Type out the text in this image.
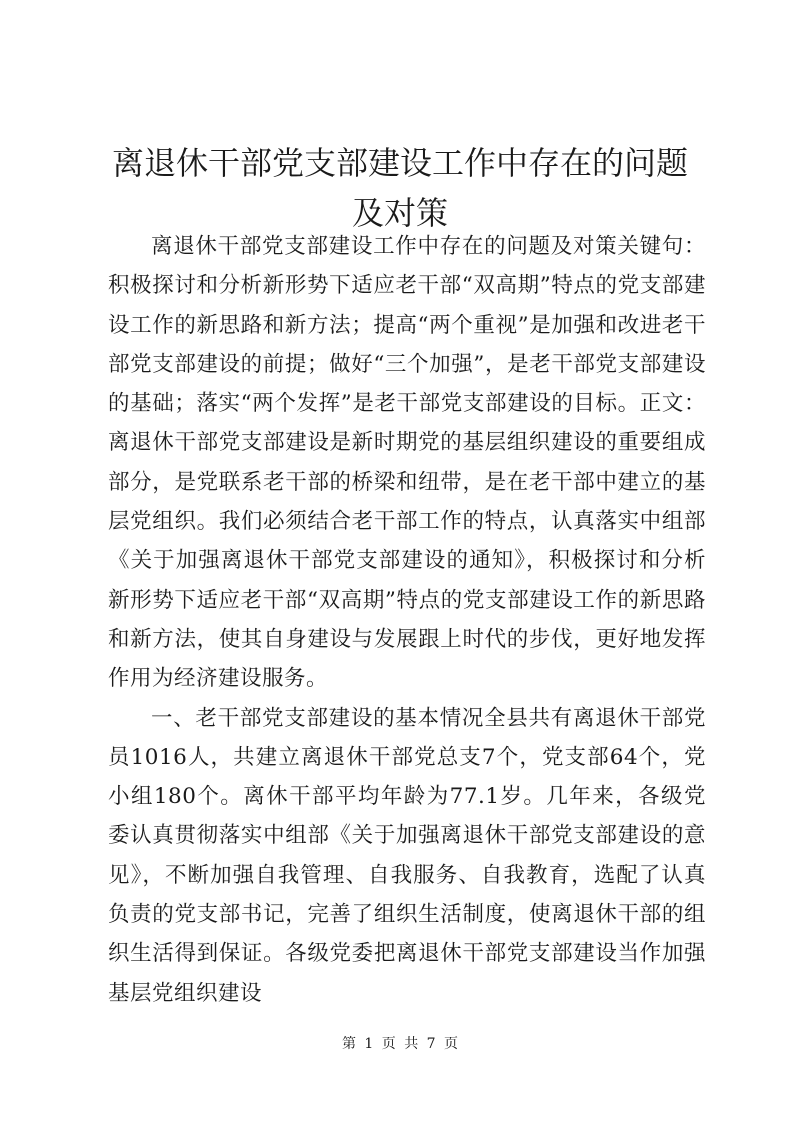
离退休干部党支部建设工作中存在的问题及对策

离退休干部党支部建设工作中存在的问题及对策关键句：积极探讨和分析新形势下适应老干部“双高期”特点的党支部建设工作的新思路和新方法；提高“两个重视”是加强和改进老干部党支部建设的前提；做好“三个加强”，是老干部党支部建设的基础；落实“两个发挥”是老干部党支部建设的目标。正文：离退休干部党支部建设是新时期党的基层组织建设的重要组成部分，是党联系老干部的桥梁和纽带，是在老干部中建立的基层党组织。我们必须结合老干部工作的特点，认真落实中组部《关于加强离退休干部党支部建设的通知》，积极探讨和分析新形势下适应老干部“双高期”特点的党支部建设工作的新思路和新方法，使其自身建设与发展跟上时代的步伐，更好地发挥作用为经济建设服务。

一、老干部党支部建设的基本情况全县共有离退休干部党员1016人，共建立离退休干部党总支7个，党支部64个，党小组180个。离休干部平均年龄为77.1岁。几年来，各级党委认真贯彻落实中组部《关于加强离退休干部党支部建设的意见》，不断加强自我管理、自我服务、自我教育，选配了认真负责的党支部书记，完善了组织生活制度，使离退休干部的组织生活得到保证。各级党委把离退休干部党支部建设当作加强基层党组织建设

第 1 页 共 7 页
